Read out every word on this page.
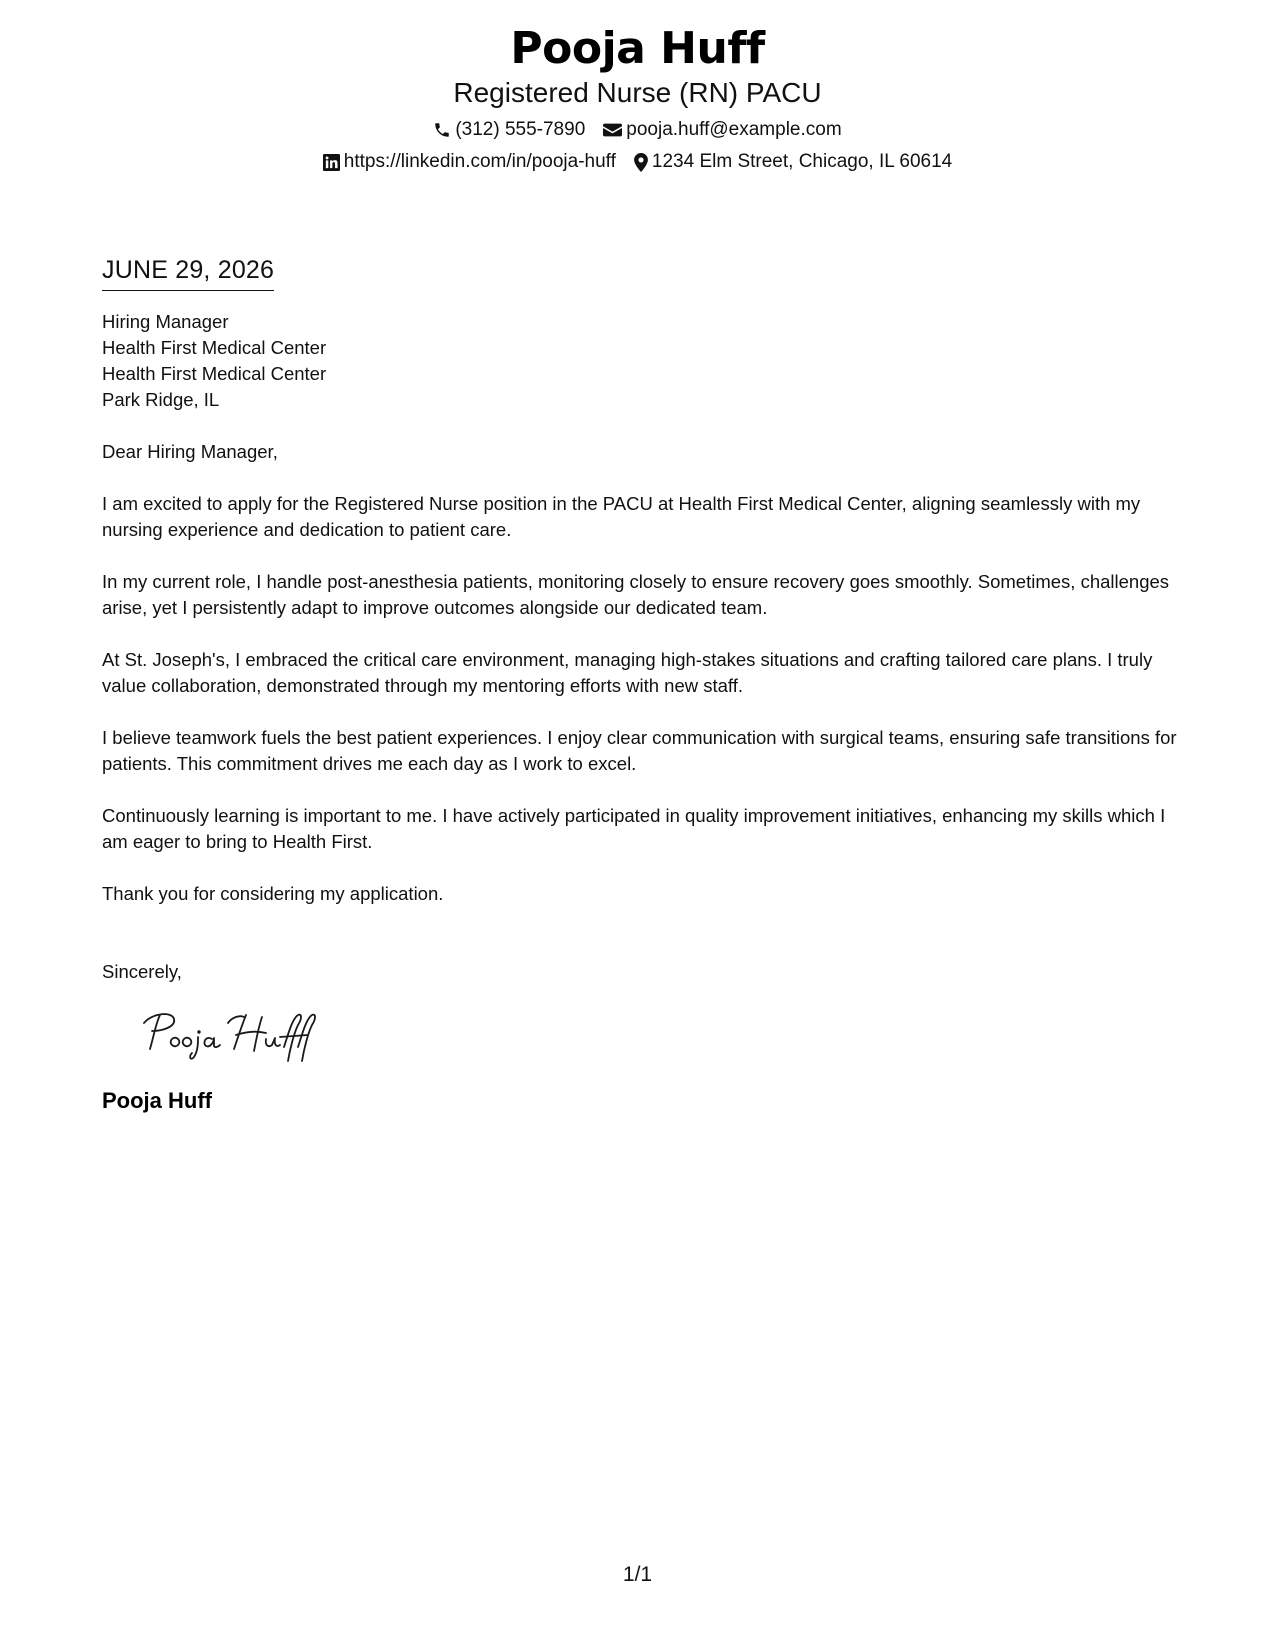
Pooja Huff
Registered Nurse (RN) PACU
(312) 555-7890 pooja.huff@example.com
https://linkedin.com/in/pooja-huff 1234 Elm Street, Chicago, IL 60614
JUNE 29, 2026
Hiring Manager
Health First Medical Center
Health First Medical Center
Park Ridge, IL
Dear Hiring Manager,
I am excited to apply for the Registered Nurse position in the PACU at Health First Medical Center, aligning seamlessly with my nursing experience and dedication to patient care.
In my current role, I handle post-anesthesia patients, monitoring closely to ensure recovery goes smoothly. Sometimes, challenges arise, yet I persistently adapt to improve outcomes alongside our dedicated team.
At St. Joseph's, I embraced the critical care environment, managing high-stakes situations and crafting tailored care plans. I truly value collaboration, demonstrated through my mentoring efforts with new staff.
I believe teamwork fuels the best patient experiences. I enjoy clear communication with surgical teams, ensuring safe transitions for patients. This commitment drives me each day as I work to excel.
Continuously learning is important to me. I have actively participated in quality improvement initiatives, enhancing my skills which I am eager to bring to Health First.
Thank you for considering my application.
Sincerely,
Pooja Huff
1/1
